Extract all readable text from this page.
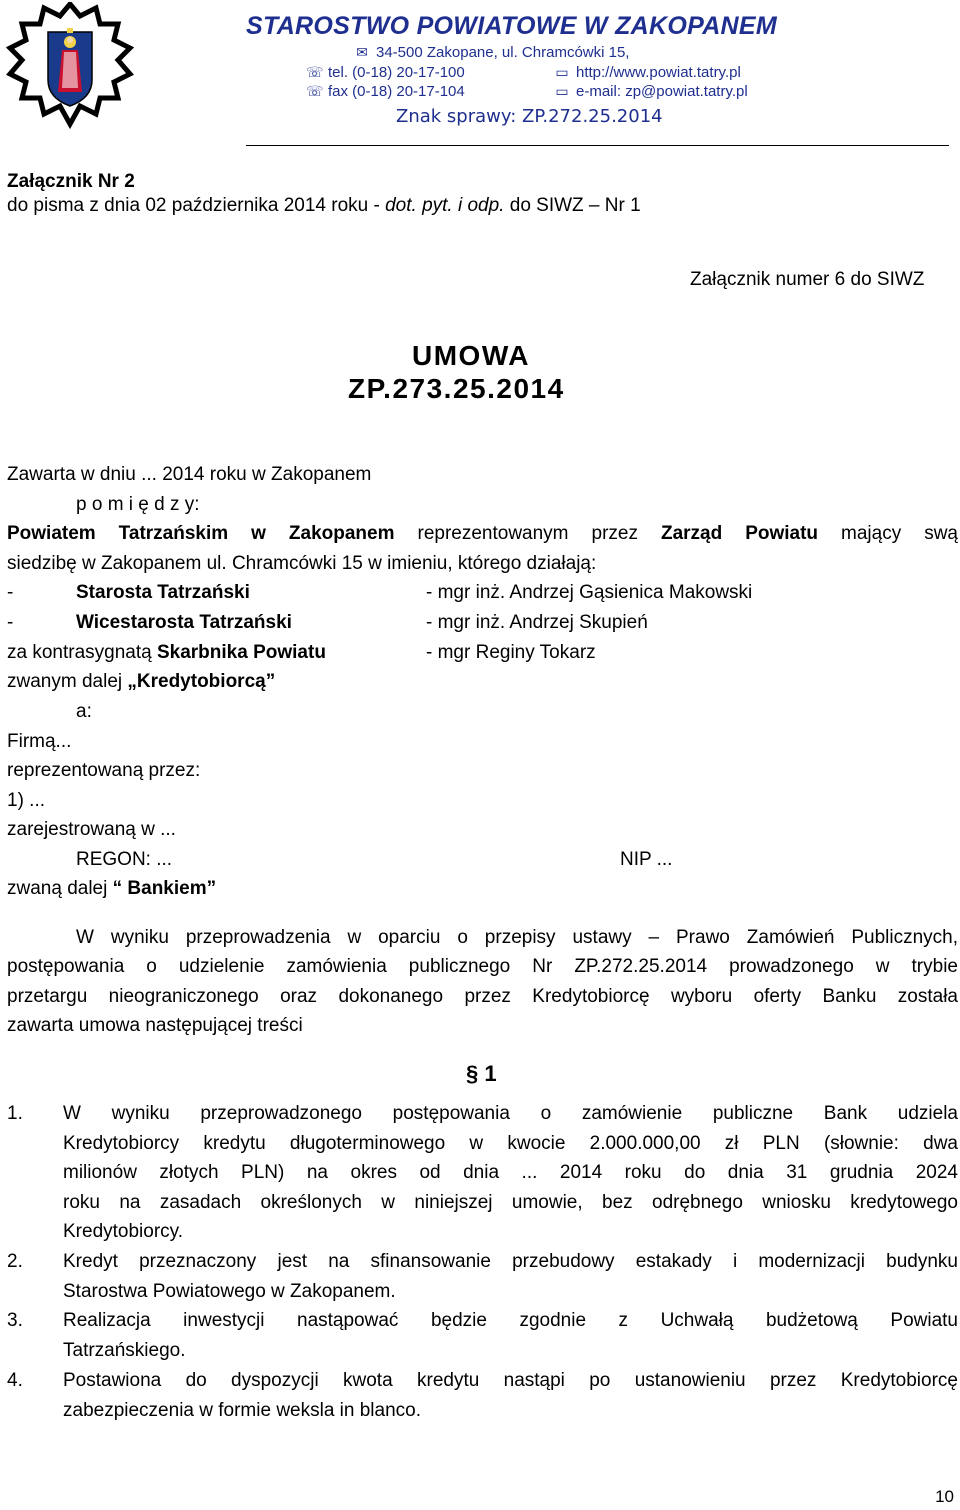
STAROSTWO POWIATOWE W ZAKOPANEM
✉ 34-500 Zakopane, ul. Chramcówki 15,
☏ tel. (0-18) 20-17-100
☏ fax (0-18) 20-17-104
▭ http://www.powiat.tatry.pl
▭ e-mail: zp@powiat.tatry.pl
Znak sprawy: ZP.272.25.2014
Załącznik Nr 2
do pisma z dnia 02 października 2014 roku - dot. pyt. i odp. do SIWZ – Nr 1
Załącznik numer 6 do SIWZ
UMOWA
ZP.273.25.2014
Zawarta w dniu ... 2014 roku w Zakopanem
p o m i ę d z y:
Powiatem Tatrzańskim w Zakopanem reprezentowanym przez Zarząd Powiatu mający swą
siedzibę w Zakopanem ul. Chramcówki 15 w imieniu, którego działają:
-	Starosta Tatrzański	- mgr inż. Andrzej Gąsienica Makowski
-	Wicestarosta Tatrzański	- mgr inż. Andrzej Skupień
za kontrasygnatą Skarbnika Powiatu	- mgr Reginy Tokarz
zwanym dalej „Kredytobiorcą”
a:
Firmą...
reprezentowaną przez:
1) ...
zarejestrowaną w ...
REGON: ...	NIP ...
zwaną dalej “ Bankiem”
W wyniku przeprowadzenia w oparciu o przepisy ustawy – Prawo Zamówień Publicznych,
postępowania o udzielenie zamówienia publicznego Nr ZP.272.25.2014 prowadzonego w trybie
przetargu nieograniczonego oraz dokonanego przez Kredytobiorcę wyboru oferty Banku została
zawarta umowa następującej treści
§ 1
1. W wyniku przeprowadzonego postępowania o zamówienie publiczne Bank udziela
Kredytobiorcy kredytu długoterminowego w kwocie 2.000.000,00 zł PLN (słownie: dwa
milionów złotych PLN) na okres od dnia ... 2014 roku do dnia 31 grudnia 2024
roku na zasadach określonych w niniejszej umowie, bez odrębnego wniosku kredytowego
Kredytobiorcy.
2. Kredyt przeznaczony jest na sfinansowanie przebudowy estakady i modernizacji budynku
Starostwa Powiatowego w Zakopanem.
3. Realizacja inwestycji nastąpować będzie zgodnie z Uchwałą budżetową Powiatu
Tatrzańskiego.
4. Postawiona do dyspozycji kwota kredytu nastąpi po ustanowieniu przez Kredytobiorcę
zabezpieczenia w formie weksla in blanco.
10
